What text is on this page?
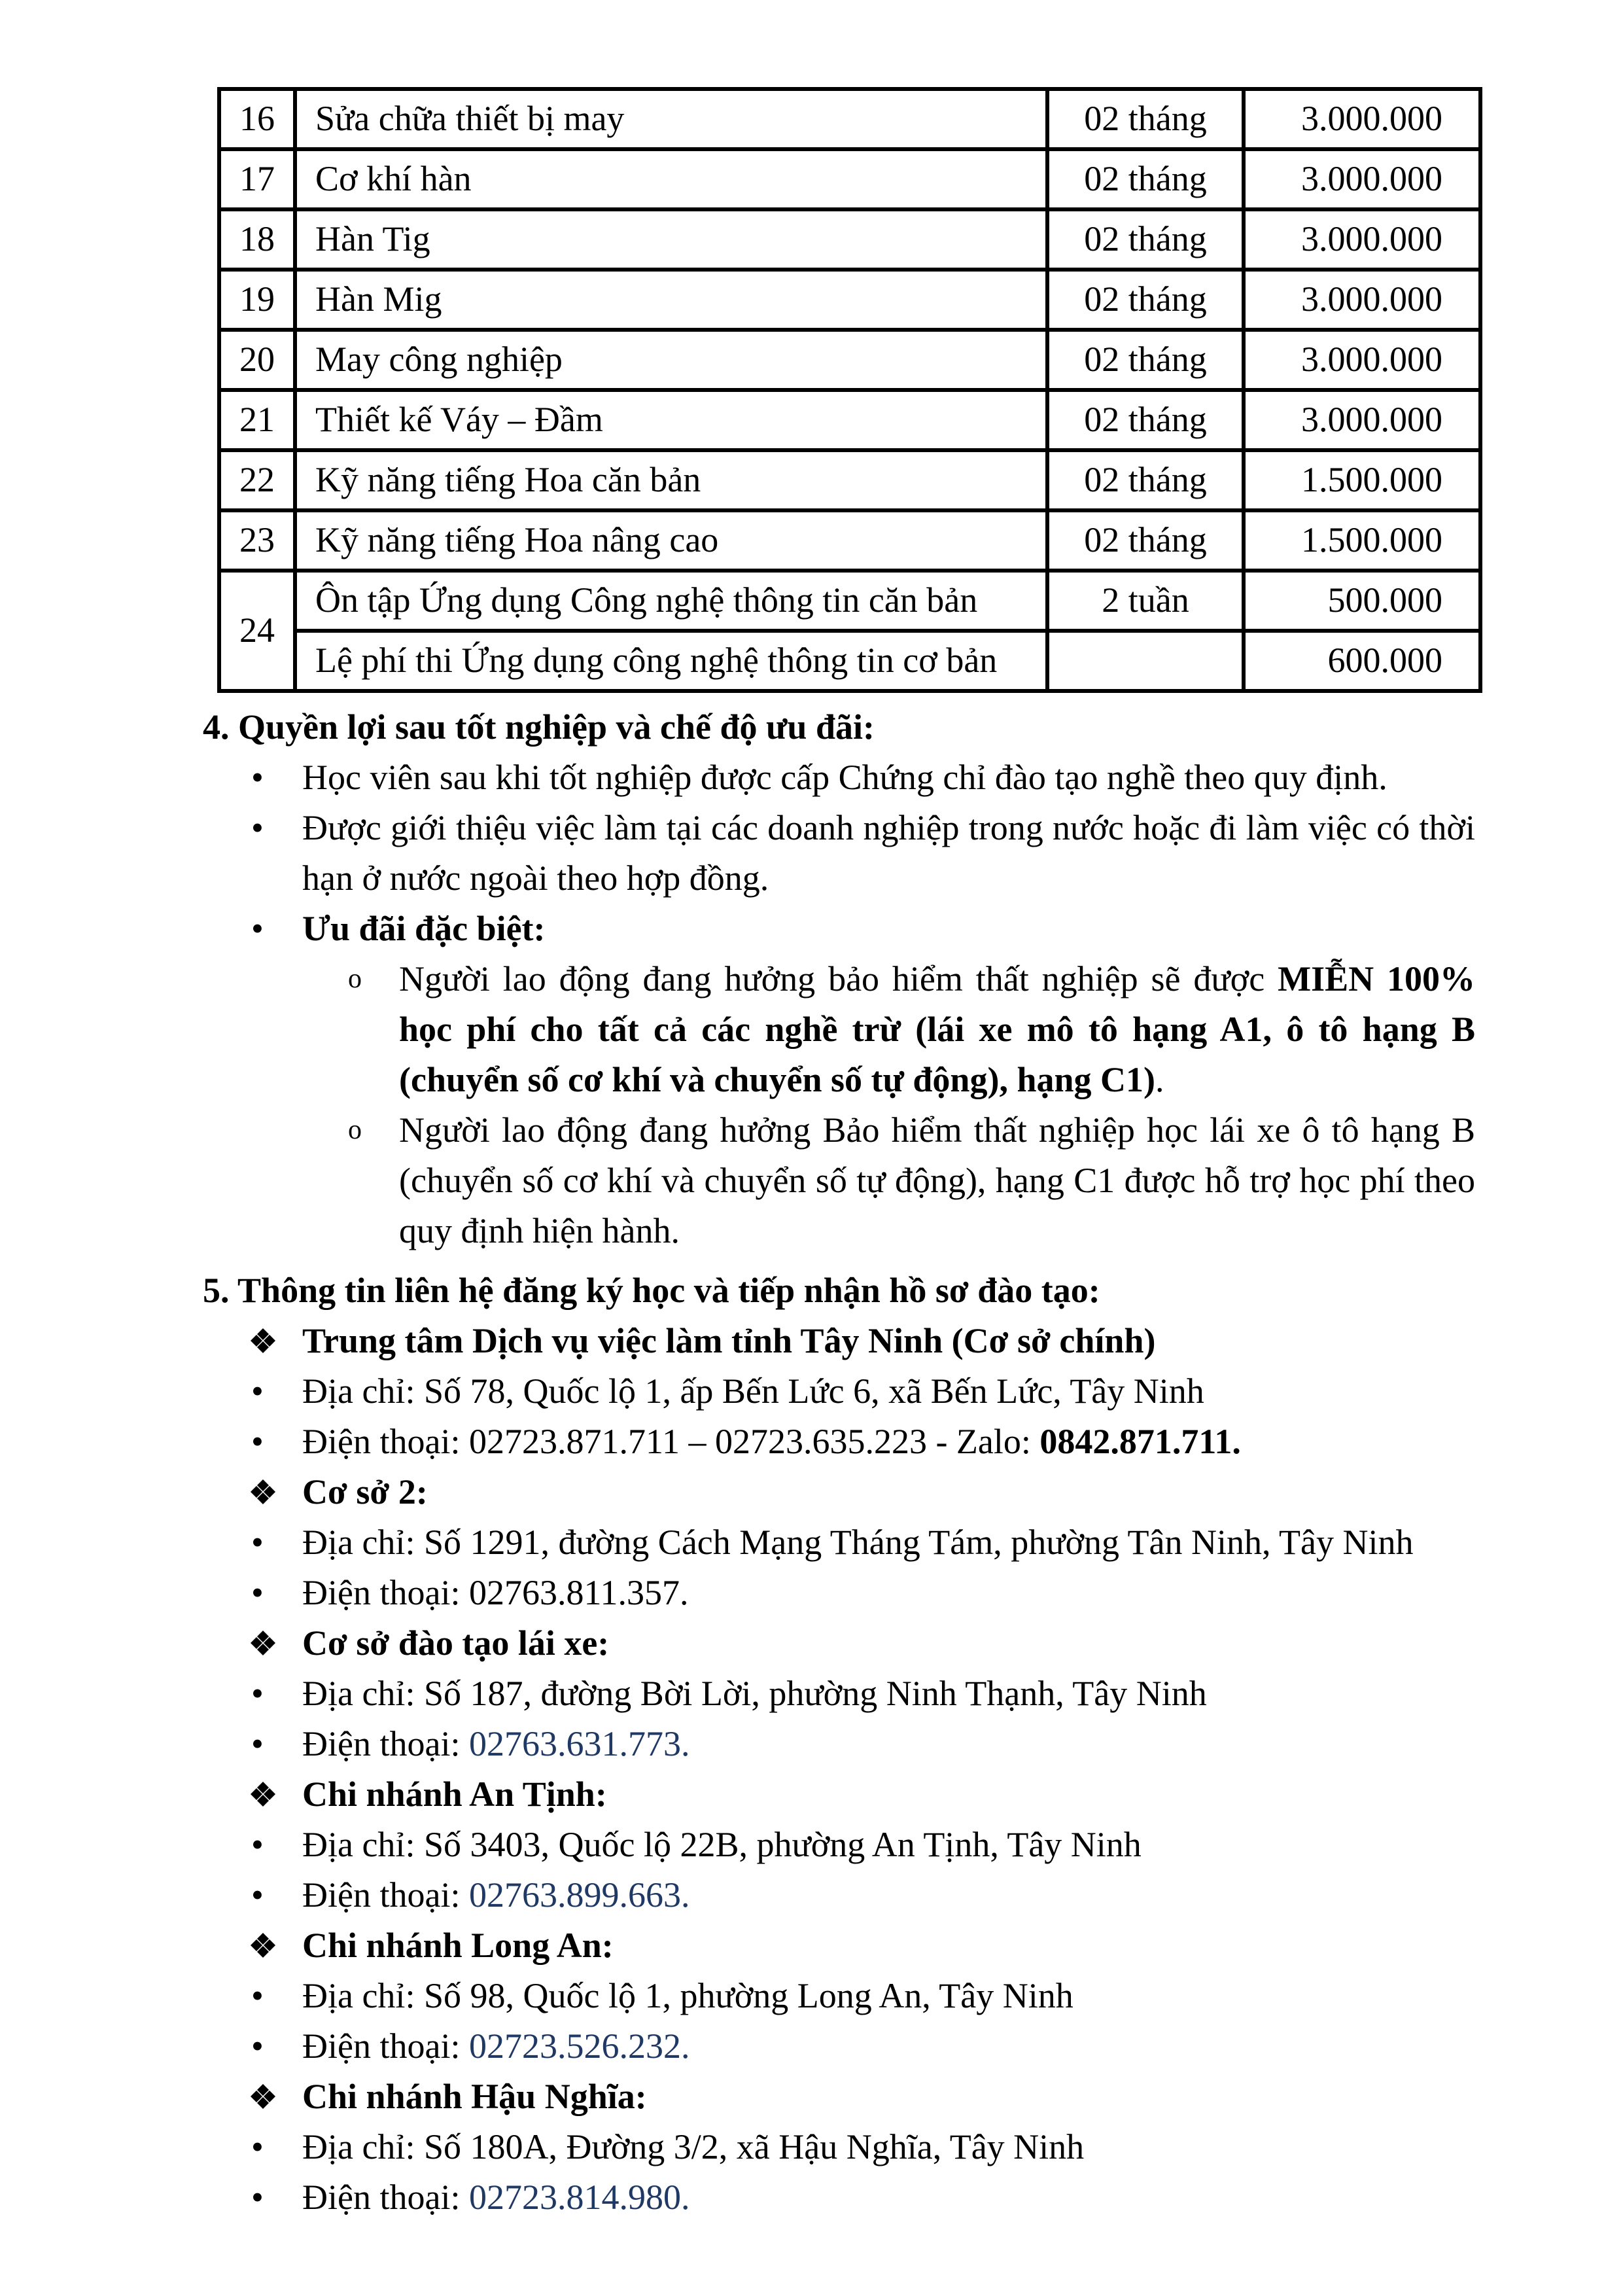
16	Sửa chữa thiết bị may	02 tháng	3.000.000
17	Cơ khí hàn	02 tháng	3.000.000
18	Hàn Tig	02 tháng	3.000.000
19	Hàn Mig	02 tháng	3.000.000
20	May công nghiệp	02 tháng	3.000.000
21	Thiết kế Váy – Đầm	02 tháng	3.000.000
22	Kỹ năng tiếng Hoa căn bản	02 tháng	1.500.000
23	Kỹ năng tiếng Hoa nâng cao	02 tháng	1.500.000
24	Ôn tập Ứng dụng Công nghệ thông tin căn bản	2 tuần	500.000
	Lệ phí thi Ứng dụng công nghệ thông tin cơ bản		600.000
4. Quyền lợi sau tốt nghiệp và chế độ ưu đãi:
• Học viên sau khi tốt nghiệp được cấp Chứng chỉ đào tạo nghề theo quy định.
• Được giới thiệu việc làm tại các doanh nghiệp trong nước hoặc đi làm việc có thời hạn ở nước ngoài theo hợp đồng.
• Ưu đãi đặc biệt:
o Người lao động đang hưởng bảo hiểm thất nghiệp sẽ được MIỄN 100% học phí cho tất cả các nghề trừ (lái xe mô tô hạng A1, ô tô hạng B (chuyển số cơ khí và chuyển số tự động), hạng C1).
o Người lao động đang hưởng Bảo hiểm thất nghiệp học lái xe ô tô hạng B (chuyển số cơ khí và chuyển số tự động), hạng C1 được hỗ trợ học phí theo quy định hiện hành.
5. Thông tin liên hệ đăng ký học và tiếp nhận hồ sơ đào tạo:
Trung tâm Dịch vụ việc làm tỉnh Tây Ninh (Cơ sở chính)
• Địa chỉ: Số 78, Quốc lộ 1, ấp Bến Lức 6, xã Bến Lức, Tây Ninh
• Điện thoại: 02723.871.711 – 02723.635.223 - Zalo: 0842.871.711.
Cơ sở 2:
• Địa chỉ: Số 1291, đường Cách Mạng Tháng Tám, phường Tân Ninh, Tây Ninh
• Điện thoại: 02763.811.357.
Cơ sở đào tạo lái xe:
• Địa chỉ: Số 187, đường Bời Lời, phường Ninh Thạnh, Tây Ninh
• Điện thoại: 02763.631.773.
Chi nhánh An Tịnh:
• Địa chỉ: Số 3403, Quốc lộ 22B, phường An Tịnh, Tây Ninh
• Điện thoại: 02763.899.663.
Chi nhánh Long An:
• Địa chỉ: Số 98, Quốc lộ 1, phường Long An, Tây Ninh
• Điện thoại: 02723.526.232.
Chi nhánh Hậu Nghĩa:
• Địa chỉ: Số 180A, Đường 3/2, xã Hậu Nghĩa, Tây Ninh
• Điện thoại: 02723.814.980.
